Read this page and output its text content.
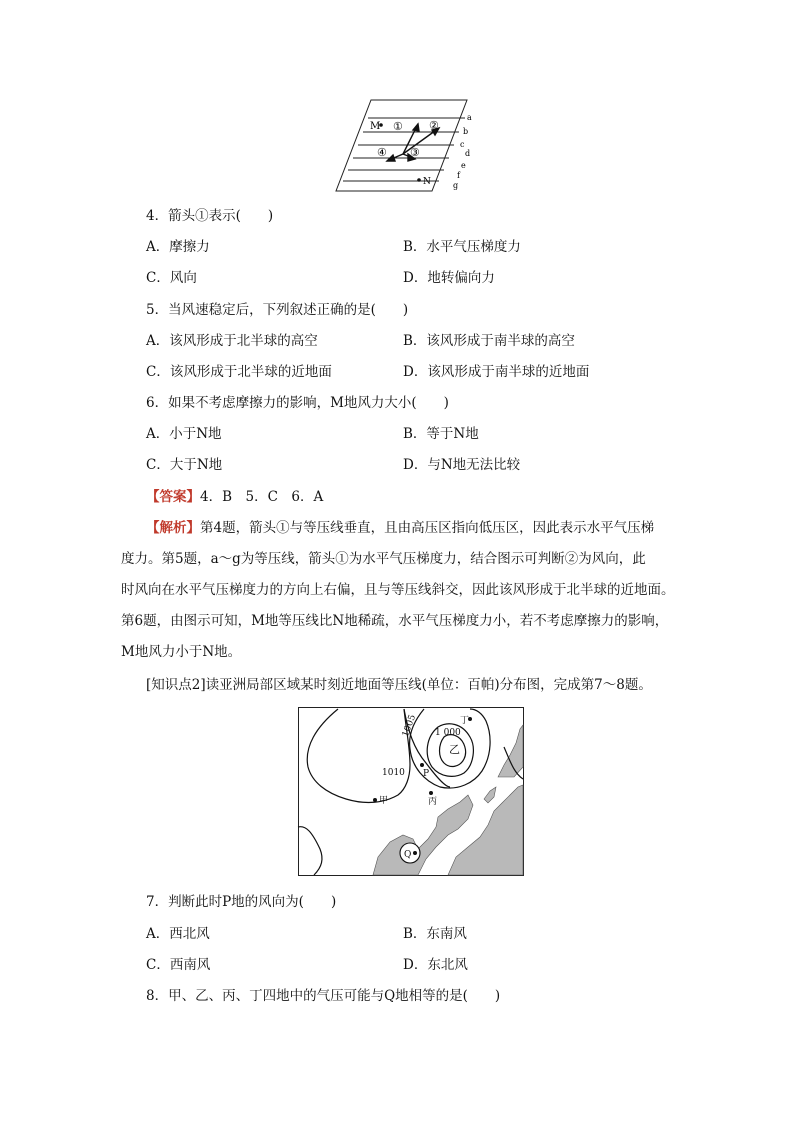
M
N
① ②
③
④
a
b
c
d
e
f
g
4．箭头①表示(　　)
A．摩擦力	B．水平气压梯度力
C．风向	D．地转偏向力
5．当风速稳定后，下列叙述正确的是(　　)
A．该风形成于北半球的高空	B．该风形成于南半球的高空
C．该风形成于北半球的近地面	D．该风形成于南半球的近地面
6．如果不考虑摩擦力的影响，M地风力大小(　　)
A．小于N地	B．等于N地
C．大于N地	D．与N地无法比较
【答案】4．B　5．C　6．A
【解析】第4题，箭头①与等压线垂直，且由高压区指向低压区，因此表示水平气压梯
度力。第5题，a～g为等压线，箭头①为水平气压梯度力，结合图示可判断②为风向，此
时风向在水平气压梯度力的方向上右偏，且与等压线斜交，因此该风形成于北半球的近地面。
第6题，由图示可知，M地等压线比N地稀疏，水平气压梯度力小，若不考虑摩擦力的影响，
M地风力小于N地。
[知识点2]读亚洲局部区域某时刻近地面等压线(单位：百帕)分布图，完成第7～8题。
1005 1 000
1010
乙
丁
P
丙
甲
Q
7．判断此时P地的风向为(　　)
A．西北风	B．东南风
C．西南风	D．东北风
8．甲、乙、丙、丁四地中的气压可能与Q地相等的是(　　)
